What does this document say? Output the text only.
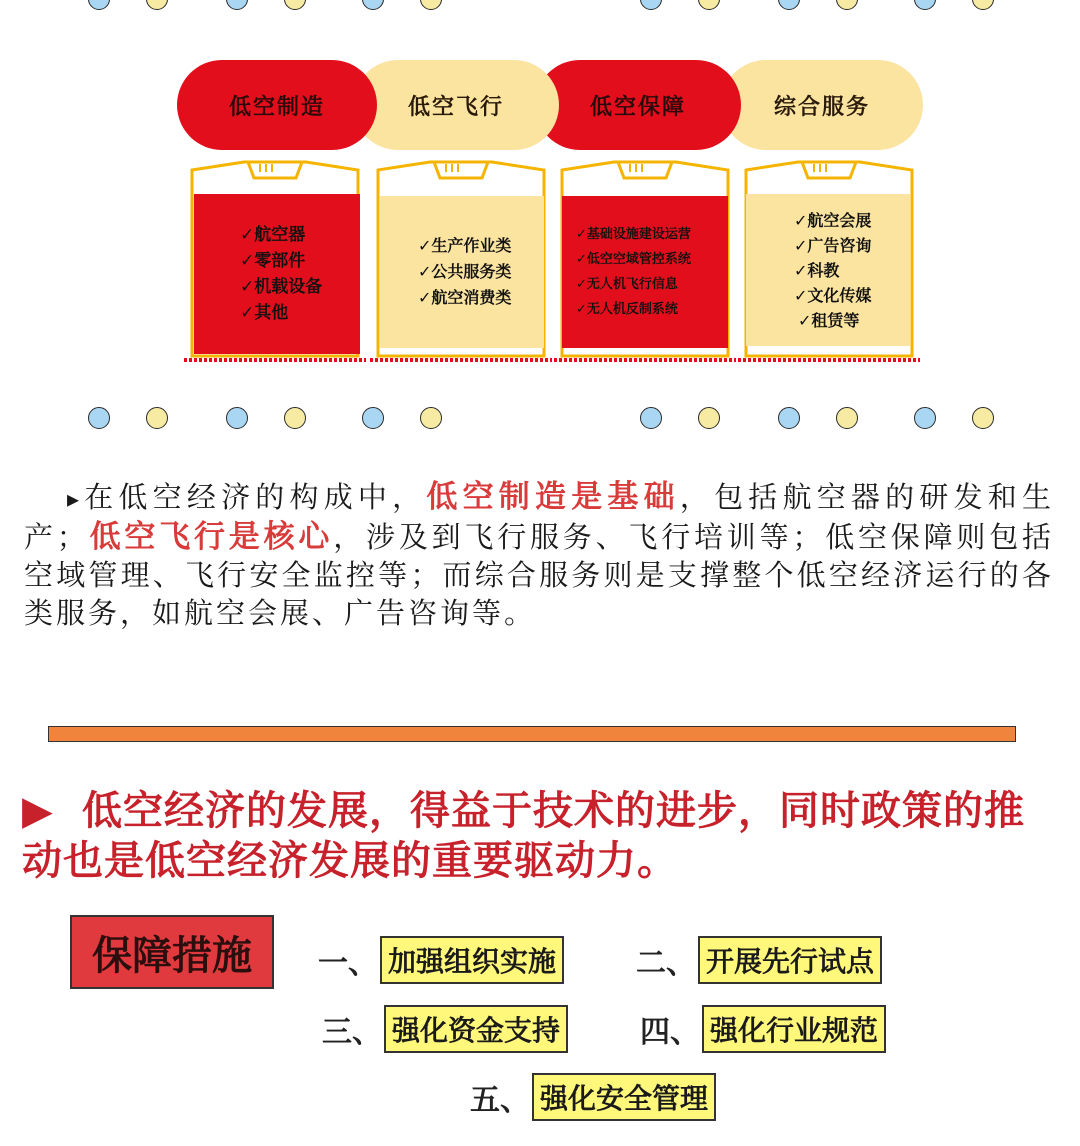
综合服务
低空保障
低空飞行
低空制造
✓航空器
✓零部件
✓机载设备
✓其他
✓生产作业类
✓公共服务类
✓航空消费类
✓基础设施建设运营
✓低空空域管控系统
✓无人机飞行信息
✓无人机反制系统
✓航空会展
✓广告咨询
✓科教
✓文化传媒
✓租赁等
▸在低空经济的构成中，低空制造是基础，包括航空器的研发和生产；低空飞行是核心，涉及到飞行服务、飞行培训等；低空保障则包括空域管理、飞行安全监控等；而综合服务则是支撑整个低空经济运行的各类服务，如航空会展、广告咨询等。
▶ 低空经济的发展，得益于技术的进步，同时政策的推动也是低空经济发展的重要驱动力。
保障措施	一、 加强组织实施	二、 开展先行试点
三、 强化资金支持	四、 强化行业规范
五、 强化安全管理
